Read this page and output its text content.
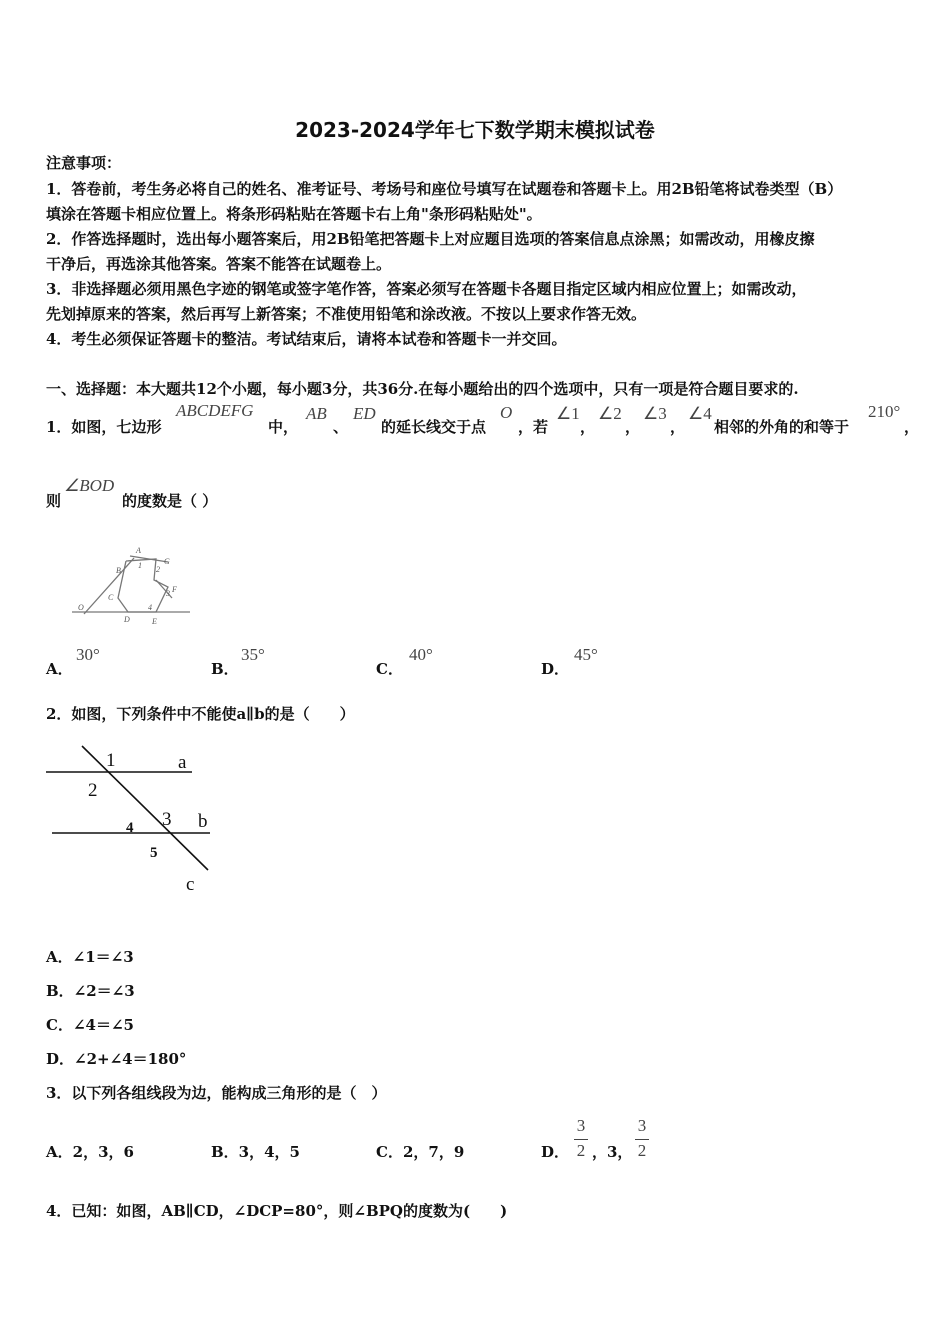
2023-2024学年七下数学期末模拟试卷
注意事项：
1．答卷前，考生务必将自己的姓名、准考证号、考场号和座位号填写在试题卷和答题卡上。用2B铅笔将试卷类型（B）
填涂在答题卡相应位置上。将条形码粘贴在答题卡右上角"条形码粘贴处"。
2．作答选择题时，选出每小题答案后，用2B铅笔把答题卡上对应题目选项的答案信息点涂黑；如需改动，用橡皮擦
干净后，再选涂其他答案。答案不能答在试题卷上。
3．非选择题必须用黑色字迹的钢笔或签字笔作答，答案必须写在答题卡各题目指定区域内相应位置上；如需改动，
先划掉原来的答案，然后再写上新答案；不准使用铅笔和涂改液。不按以上要求作答无效。
4．考生必须保证答题卡的整洁。考试结束后，请将本试卷和答题卡一并交回。
一、选择题：本大题共12个小题，每小题3分，共36分.在每小题给出的四个选项中，只有一项是符合题目要求的.
1．如图，七边形
ABCDEFG
中，
AB
、
ED
的延长线交于点
O
，若
∠1
，
∠2
，
∠3
，
∠4
相邻的外角的和等于
210°
，
则
∠BOD
的度数是（ ）
A
G
B
C
F
O
D	E
1 2
3
4
A．
30°
B．
35°
C．
40°
D．
45°
2．如图，下列条件中不能使a∥b的是（　　）
1	a
2
3 b
4
5
c
A．∠1＝∠3
B．∠2＝∠3
C．∠4＝∠5
D．∠2+∠4＝180°
3．以下列各组线段为边，能构成三角形的是（　）
A．2，3，6	B．3，4，5	C．2，7，9	D．
3
2 ，3，
3
2
4．已知：如图，AB∥CD，∠DCP=80°，则∠BPQ的度数为(　　)
